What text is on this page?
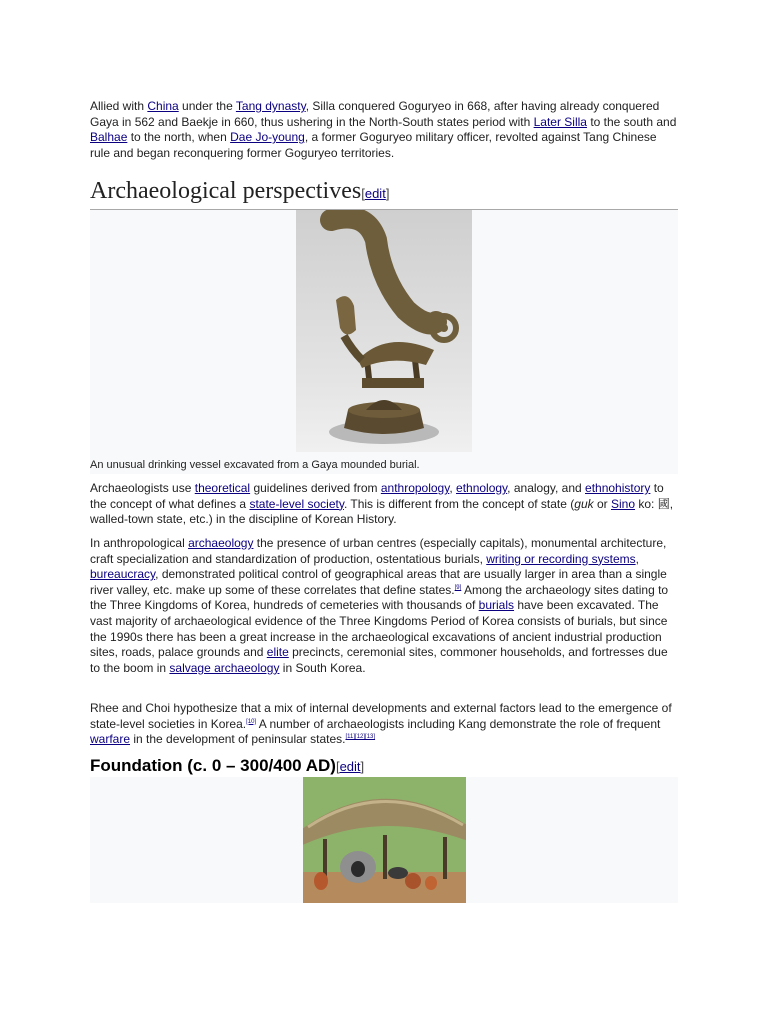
Allied with China under the Tang dynasty, Silla conquered Goguryeo in 668, after having already conquered Gaya in 562 and Baekje in 660, thus ushering in the North-South states period with Later Silla to the south and Balhae to the north, when Dae Jo-young, a former Goguryeo military officer, revolted against Tang Chinese rule and began reconquering former Goguryeo territories.

Archaeological perspectives[edit]
An unusual drinking vessel excavated from a Gaya mounded burial.

Archaeologists use theoretical guidelines derived from anthropology, ethnology, analogy, and ethnohistory to the concept of what defines a state-level society. This is different from the concept of state (guk or Sino ko: 國, walled-town state, etc.) in the discipline of Korean History.

In anthropological archaeology the presence of urban centres (especially capitals), monumental architecture, craft specialization and standardization of production, ostentatious burials, writing or recording systems, bureaucracy, demonstrated political control of geographical areas that are usually larger in area than a single river valley, etc. make up some of these correlates that define states.[9] Among the archaeology sites dating to the Three Kingdoms of Korea, hundreds of cemeteries with thousands of burials have been excavated. The vast majority of archaeological evidence of the Three Kingdoms Period of Korea consists of burials, but since the 1990s there has been a great increase in the archaeological excavations of ancient industrial production sites, roads, palace grounds and elite precincts, ceremonial sites, commoner households, and fortresses due to the boom in salvage archaeology in South Korea.

Rhee and Choi hypothesize that a mix of internal developments and external factors lead to the emergence of state-level societies in Korea.[10] A number of archaeologists including Kang demonstrate the role of frequent warfare in the development of peninsular states.[11][12][13]

Foundation (c. 0 – 300/400 AD)[edit]
